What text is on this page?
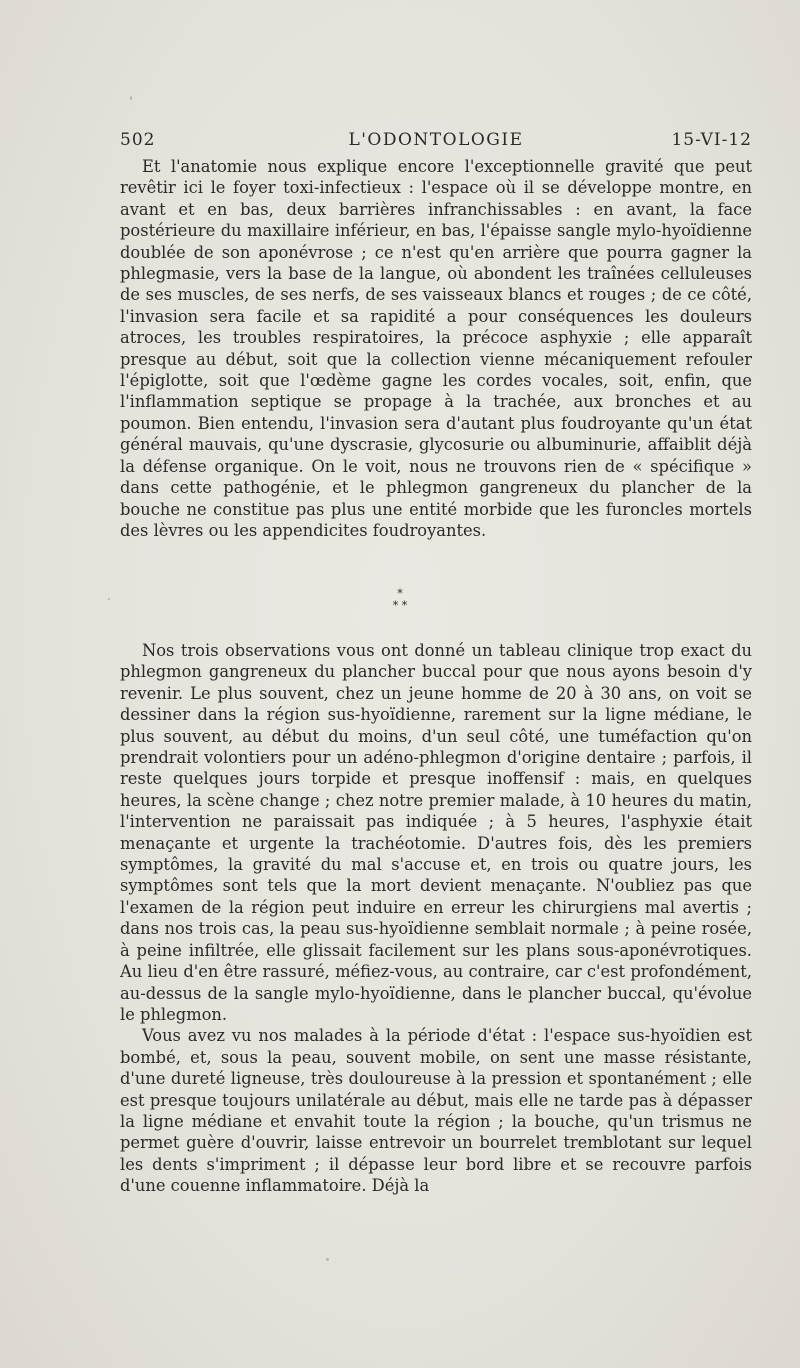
502	L'ODONTOLOGIE	15-VI-12

Et l'anatomie nous explique encore l'exceptionnelle gravité que peut revêtir ici le foyer toxi-infectieux : l'espace où il se développe montre, en avant et en bas, deux barrières infranchissables : en avant, la face postérieure du maxillaire inférieur, en bas, l'épaisse sangle mylo-hyoïdienne doublée de son aponévrose ; ce n'est qu'en arrière que pourra gagner la phlegmasie, vers la base de la langue, où abondent les traînées celluleuses de ses muscles, de ses nerfs, de ses vaisseaux blancs et rouges ; de ce côté, l'invasion sera facile et sa rapidité a pour conséquences les douleurs atroces, les troubles respiratoires, la précoce asphyxie ; elle apparaît presque au début, soit que la collection vienne mécaniquement refouler l'épiglotte, soit que l'œdème gagne les cordes vocales, soit, enfin, que l'inflammation septique se propage à la trachée, aux bronches et au poumon. Bien entendu, l'invasion sera d'autant plus foudroyante qu'un état général mauvais, qu'une dyscrasie, glycosurie ou albuminurie, affaiblit déjà la défense organique. On le voit, nous ne trouvons rien de « spécifique » dans cette pathogénie, et le phlegmon gangreneux du plancher de la bouche ne constitue pas plus une entité morbide que les furoncles mortels des lèvres ou les appendicites foudroyantes.

*
* *

Nos trois observations vous ont donné un tableau clinique trop exact du phlegmon gangreneux du plancher buccal pour que nous ayons besoin d'y revenir. Le plus souvent, chez un jeune homme de 20 à 30 ans, on voit se dessiner dans la région sus-hyoïdienne, rarement sur la ligne médiane, le plus souvent, au début du moins, d'un seul côté, une tuméfaction qu'on prendrait volontiers pour un adéno-phlegmon d'origine dentaire ; parfois, il reste quelques jours torpide et presque inoffensif : mais, en quelques heures, la scène change ; chez notre premier malade, à 10 heures du matin, l'intervention ne paraissait pas indiquée ; à 5 heures, l'asphyxie était menaçante et urgente la trachéotomie. D'autres fois, dès les premiers symptômes, la gravité du mal s'accuse et, en trois ou quatre jours, les symptômes sont tels que la mort devient menaçante. N'oubliez pas que l'examen de la région peut induire en erreur les chirurgiens mal avertis ; dans nos trois cas, la peau sus-hyoïdienne semblait normale ; à peine rosée, à peine infiltrée, elle glissait facilement sur les plans sous-aponévrotiques. Au lieu d'en être rassuré, méfiez-vous, au contraire, car c'est profondément, au-dessus de la sangle mylo-hyoïdienne, dans le plancher buccal, qu'évolue le phlegmon.

Vous avez vu nos malades à la période d'état : l'espace sus-hyoïdien est bombé, et, sous la peau, souvent mobile, on sent une masse résistante, d'une dureté ligneuse, très douloureuse à la pression et spontanément ; elle est presque toujours unilatérale au début, mais elle ne tarde pas à dépasser la ligne médiane et envahit toute la région ; la bouche, qu'un trismus ne permet guère d'ouvrir, laisse entrevoir un bourrelet tremblotant sur lequel les dents s'impriment ; il dépasse leur bord libre et se recouvre parfois d'une couenne inflammatoire. Déjà la
